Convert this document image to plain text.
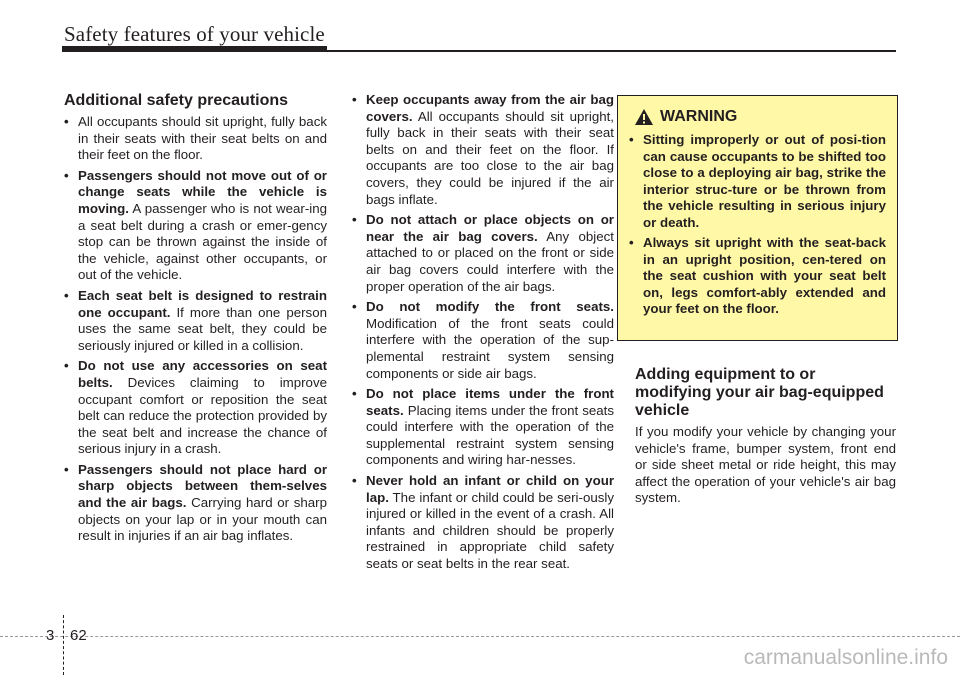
Safety features of your vehicle
Additional safety precautions
• All occupants should sit upright, fully back in their seats with their seat belts on and their feet on the floor.
• Passengers should not move out of or change seats while the vehicle is moving. A passenger who is not wear-ing a seat belt during a crash or emer-gency stop can be thrown against the inside of the vehicle, against other occupants, or out of the vehicle.
• Each seat belt is designed to restrain one occupant. If more than one person uses the same seat belt, they could be seriously injured or killed in a collision.
• Do not use any accessories on seat belts. Devices claiming to improve occupant comfort or reposition the seat belt can reduce the protection provided by the seat belt and increase the chance of serious injury in a crash.
• Passengers should not place hard or sharp objects between them-selves and the air bags. Carrying hard or sharp objects on your lap or in your mouth can result in injuries if an air bag inflates.
• Keep occupants away from the air bag covers. All occupants should sit upright, fully back in their seats with their seat belts on and their feet on the floor. If occupants are too close to the air bag covers, they could be injured if the air bags inflate.
• Do not attach or place objects on or near the air bag covers. Any object attached to or placed on the front or side air bag covers could interfere with the proper operation of the air bags.
• Do not modify the front seats. Modification of the front seats could interfere with the operation of the sup-plemental restraint system sensing components or side air bags.
• Do not place items under the front seats. Placing items under the front seats could interfere with the operation of the supplemental restraint system sensing components and wiring har-nesses.
• Never hold an infant or child on your lap. The infant or child could be seri-ously injured or killed in the event of a crash. All infants and children should be properly restrained in appropriate child safety seats or seat belts in the rear seat.
WARNING
• Sitting improperly or out of posi-tion can cause occupants to be shifted too close to a deploying air bag, strike the interior struc-ture or be thrown from the vehicle resulting in serious injury or death.
• Always sit upright with the seat-back in an upright position, cen-tered on the seat cushion with your seat belt on, legs comfort-ably extended and your feet on the floor.
Adding equipment to or modifying your air bag-equipped vehicle

If you modify your vehicle by changing your vehicle's frame, bumper system, front end or side sheet metal or ride height, this may affect the operation of your vehicle's air bag system.

3 62
carmanualsonline.info
